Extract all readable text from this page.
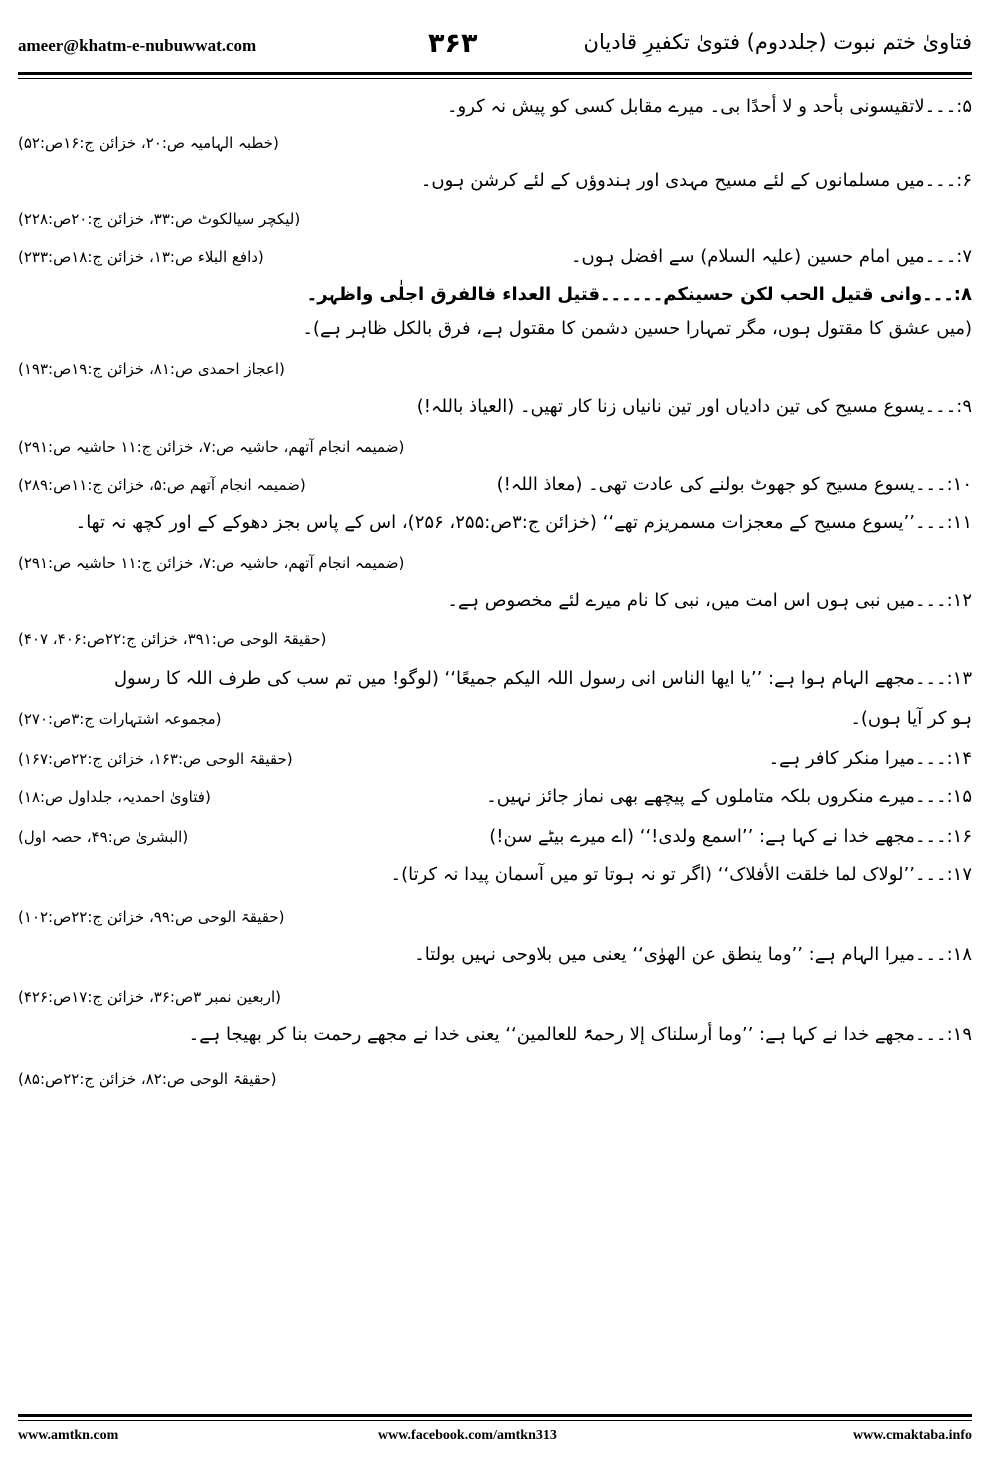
ameer@khatm-e-nubuwwat.com	۳۶۳	فتاویٰ ختم نبوت (جلددوم) فتویٰ تکفیرِ قادیان
۵:۔۔۔لاتقیسونی بأحد و لا أحدًا بی۔ میرے مقابل کسی کو پیش نہ کرو۔
(خطبہ الہامیہ ص:۲۰، خزائن ج:۱۶ص:۵۲)
۶:۔۔۔میں مسلمانوں کے لئے مسیح مہدی اور ہندوؤں کے لئے کرشن ہوں۔
(لیکچر سیالکوٹ ص:۳۳، خزائن ج:۲۰ص:۲۲۸)
۷:۔۔۔میں امام حسین (علیہ السلام) سے افضل ہوں۔
(دافع البلاء ص:۱۳، خزائن ج:۱۸ص:۲۳۳)
۸:۔۔۔وانی قتیل الحب لکن حسینکم۔۔۔۔۔۔قتیل العداء فالفرق اجلٰی واظہر۔
(میں عشق کا مقتول ہوں، مگر تمہارا حسین دشمن کا مقتول ہے، فرق بالکل ظاہر ہے)۔
(اعجاز احمدی ص:۸۱، خزائن ج:۱۹ص:۱۹۳)
۹:۔۔۔یسوع مسیح کی تین دادیاں اور تین نانیاں زنا کار تھیں۔ (العیاذ باللہ!)
(ضمیمہ انجام آتھم، حاشیہ ص:۷، خزائن ج:۱۱ حاشیہ ص:۲۹۱)
۱۰:۔۔۔یسوع مسیح کو جھوٹ بولنے کی عادت تھی۔ (معاذ اللہ!)
(ضمیمہ انجام آتھم ص:۵، خزائن ج:۱۱ص:۲۸۹)
۱۱:۔۔۔’’یسوع مسیح کے معجزات مسمریزم تھے‘‘ (خزائن ج:۳ص:۲۵۵، ۲۵۶)، اس کے پاس بجز دھوکے کے اور کچھ نہ تھا۔
(ضمیمہ انجام آتھم، حاشیہ ص:۷، خزائن ج:۱۱ حاشیہ ص:۲۹۱)
۱۲:۔۔۔میں نبی ہوں اس امت میں، نبی کا نام میرے لئے مخصوص ہے۔
(حقیقۃ الوحی ص:۳۹۱، خزائن ج:۲۲ص:۴۰۶، ۴۰۷)
۱۳:۔۔۔مجھے الہام ہوا ہے: ’’یا ایھا الناس انی رسول اللہ الیکم جمیعًا‘‘ (لوگو! میں تم سب کی طرف اللہ کا رسول
ہو کر آیا ہوں)۔
(مجموعہ اشتہارات ج:۳ص:۲۷۰)
۱۴:۔۔۔میرا منکر کافر ہے۔
(حقیقۃ الوحی ص:۱۶۳، خزائن ج:۲۲ص:۱۶۷)
۱۵:۔۔۔میرے منکروں بلکہ متاملوں کے پیچھے بھی نماز جائز نہیں۔
(فتاویٰ احمدیہ، جلداول ص:۱۸)
۱۶:۔۔۔مجھے خدا نے کہا ہے: ’’اسمع ولدی!‘‘ (اے میرے بیٹے سن!)
(البشریٰ ص:۴۹، حصہ اول)
۱۷:۔۔۔’’لولاک لما خلقت الأفلاک‘‘ (اگر تو نہ ہوتا تو میں آسمان پیدا نہ کرتا)۔
(حقیقۃ الوحی ص:۹۹، خزائن ج:۲۲ص:۱۰۲)
۱۸:۔۔۔میرا الہام ہے: ’’وما ینطق عن الھوٰی‘‘ یعنی میں بلاوحی نہیں بولتا۔
(اربعین نمبر ۳ص:۳۶، خزائن ج:۱۷ص:۴۲۶)
۱۹:۔۔۔مجھے خدا نے کہا ہے: ’’وما أرسلناک إلا رحمۃً للعالمین‘‘ یعنی خدا نے مجھے رحمت بنا کر بھیجا ہے۔
(حقیقۃ الوحی ص:۸۲، خزائن ج:۲۲ص:۸۵)
www.amtkn.com	www.facebook.com/amtkn313	www.cmaktaba.info
